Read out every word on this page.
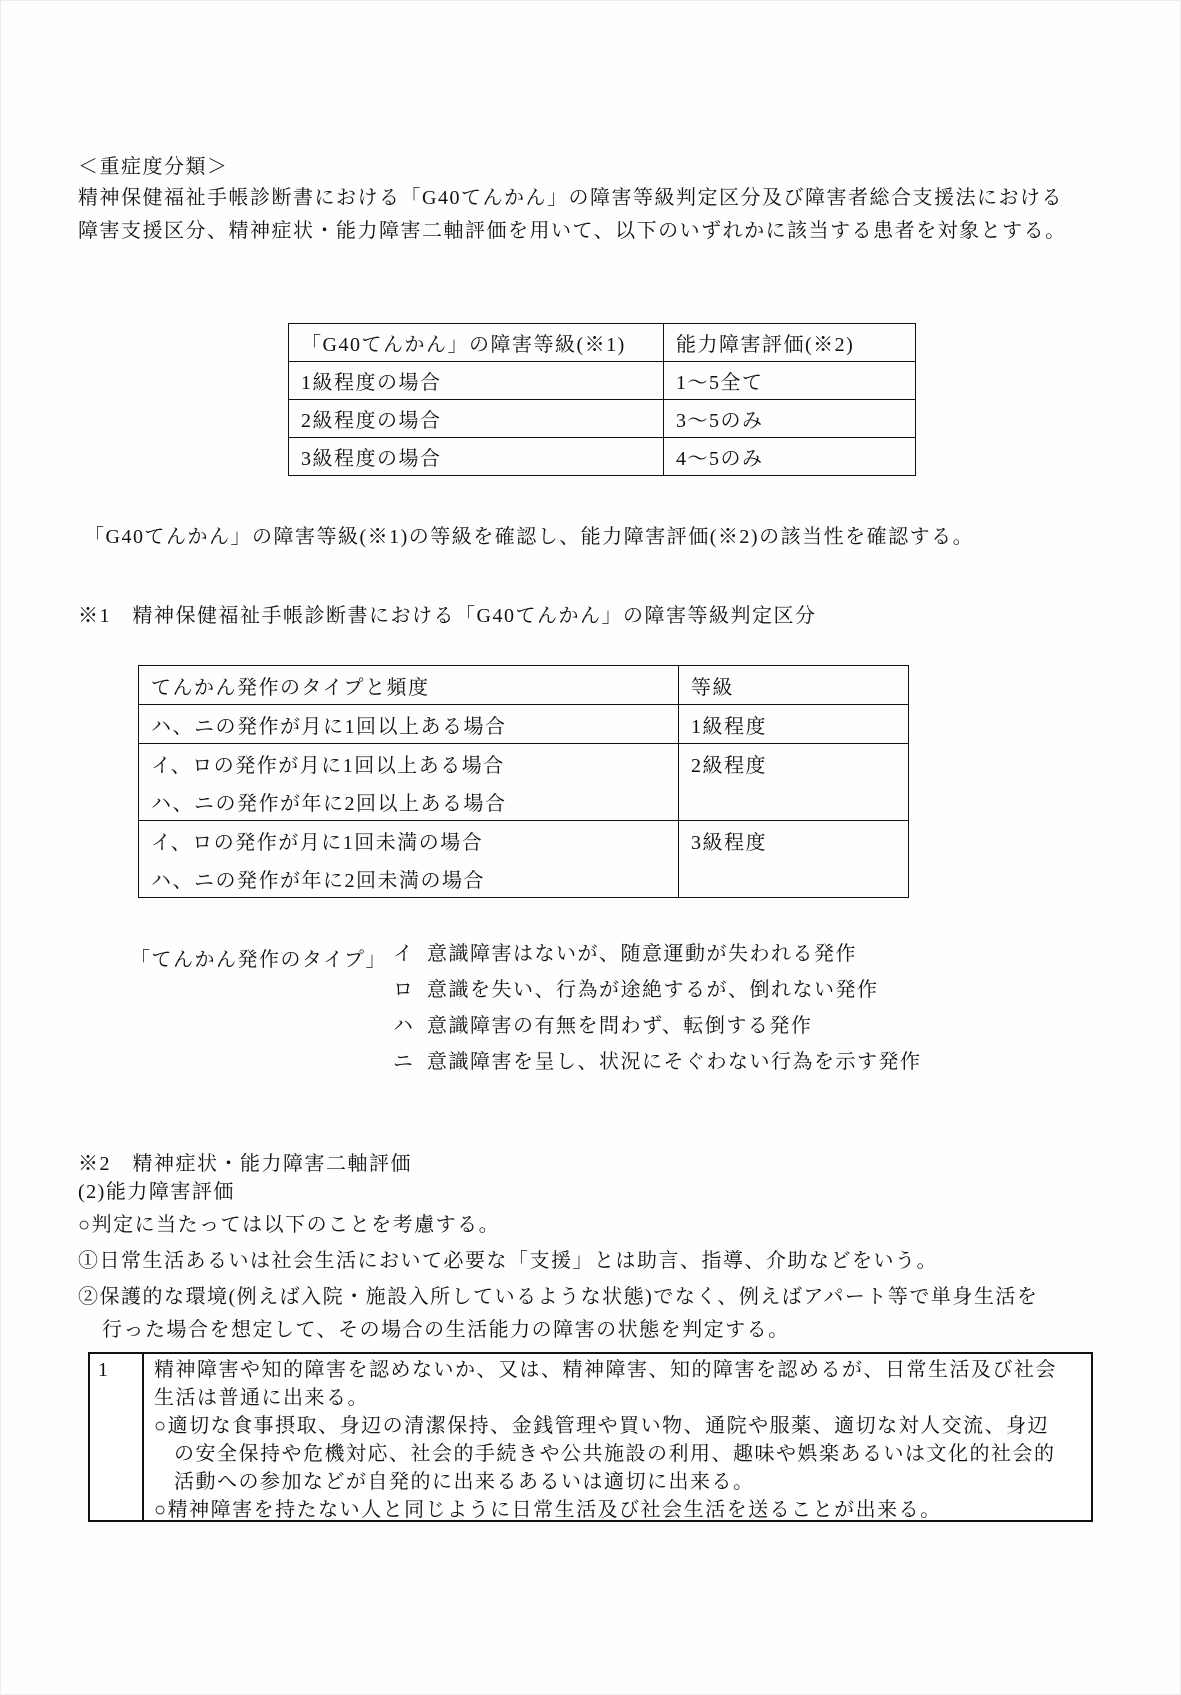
＜重症度分類＞
精神保健福祉手帳診断書における「G40てんかん」の障害等級判定区分及び障害者総合支援法における
障害支援区分、精神症状・能力障害二軸評価を用いて、以下のいずれかに該当する患者を対象とする。
「G40てんかん」の障害等級(※1)	能力障害評価(※2)
1級程度の場合	1〜5全て
2級程度の場合	3〜5のみ
3級程度の場合	4〜5のみ
「G40てんかん」の障害等級(※1)の等級を確認し、能力障害評価(※2)の該当性を確認する。
※1　精神保健福祉手帳診断書における「G40てんかん」の障害等級判定区分
てんかん発作のタイプと頻度	等級

ハ、ニの発作が月に1回以上ある場合	1級程度

イ、ロの発作が月に1回以上ある場合
ハ、ニの発作が年に2回以上ある場合	2級程度

イ、ロの発作が月に1回未満の場合
ハ、ニの発作が年に2回未満の場合	3級程度
「てんかん発作のタイプ」 イ 意識障害はないが、随意運動が失われる発作
ロ 意識を失い、行為が途絶するが、倒れない発作
ハ 意識障害の有無を問わず、転倒する発作
ニ 意識障害を呈し、状況にそぐわない行為を示す発作
※2　精神症状・能力障害二軸評価
(2)能力障害評価
○判定に当たっては以下のことを考慮する。
①日常生活あるいは社会生活において必要な「支援」とは助言、指導、介助などをいう。
②保護的な環境(例えば入院・施設入所しているような状態)でなく、例えばアパート等で単身生活を
行った場合を想定して、その場合の生活能力の障害の状態を判定する。
1	精神障害や知的障害を認めないか、又は、精神障害、知的障害を認めるが、日常生活及び社会
生活は普通に出来る。
○適切な食事摂取、身辺の清潔保持、金銭管理や買い物、通院や服薬、適切な対人交流、身辺
の安全保持や危機対応、社会的手続きや公共施設の利用、趣味や娯楽あるいは文化的社会的
活動への参加などが自発的に出来るあるいは適切に出来る。
○精神障害を持たない人と同じように日常生活及び社会生活を送ることが出来る。
